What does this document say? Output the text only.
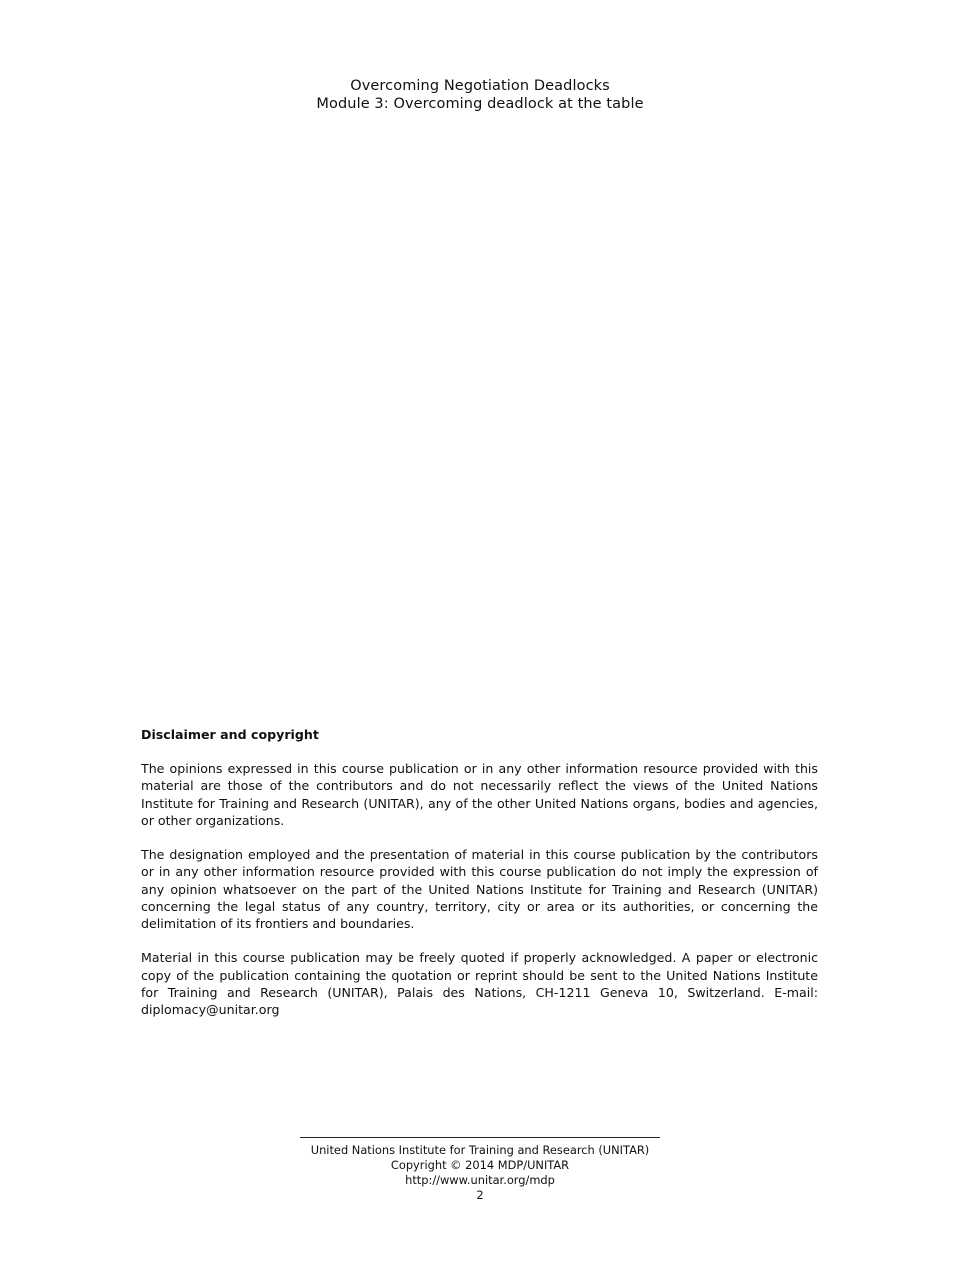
Overcoming Negotiation Deadlocks
Module 3: Overcoming deadlock at the table
Disclaimer and copyright

The opinions expressed in this course publication or in any other information resource provided with this material are those of the contributors and do not necessarily reflect the views of the United Nations Institute for Training and Research (UNITAR), any of the other United Nations organs, bodies and agencies, or other organizations.

The designation employed and the presentation of material in this course publication by the contributors or in any other information resource provided with this course publication do not imply the expression of any opinion whatsoever on the part of the United Nations Institute for Training and Research (UNITAR) concerning the legal status of any country, territory, city or area or its authorities, or concerning the delimitation of its frontiers and boundaries.

Material in this course publication may be freely quoted if properly acknowledged. A paper or electronic copy of the publication containing the quotation or reprint should be sent to the United Nations Institute for Training and Research (UNITAR), Palais des Nations, CH-1211 Geneva 10, Switzerland. E-mail: diplomacy@unitar.org

United Nations Institute for Training and Research (UNITAR)
Copyright © 2014 MDP/UNITAR
http://www.unitar.org/mdp
2
